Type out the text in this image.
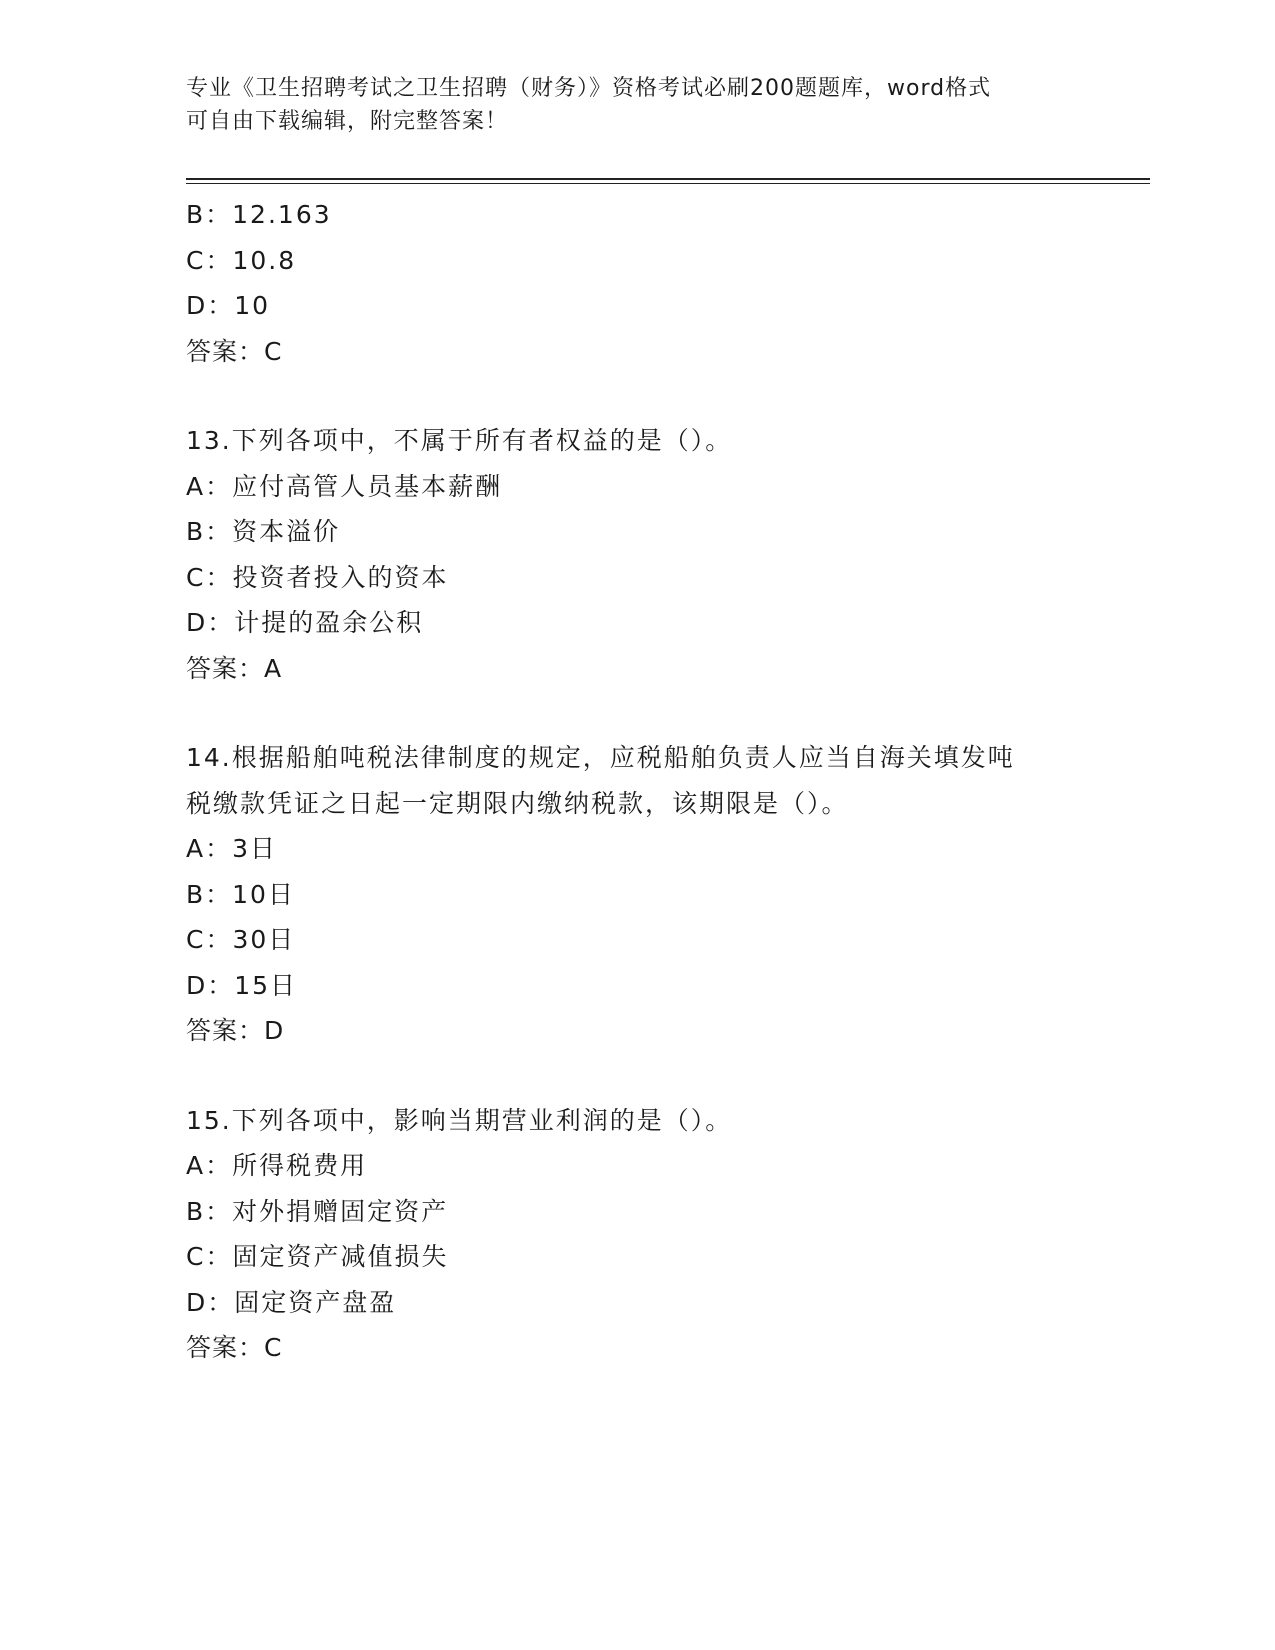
专业《卫生招聘考试之卫生招聘（财务）》资格考试必刷200题题库，word格式
可自由下载编辑，附完整答案！
B：12.163
C：10.8
D：10
答案：C
13.下列各项中，不属于所有者权益的是（）。
A：应付高管人员基本薪酬
B：资本溢价
C：投资者投入的资本
D：计提的盈余公积
答案：A
14.根据船舶吨税法律制度的规定，应税船舶负责人应当自海关填发吨
税缴款凭证之日起一定期限内缴纳税款，该期限是（）。
A：3日
B：10日
C：30日
D：15日
答案：D
15.下列各项中，影响当期营业利润的是（）。
A：所得税费用
B：对外捐赠固定资产
C：固定资产减值损失
D：固定资产盘盈
答案：C
